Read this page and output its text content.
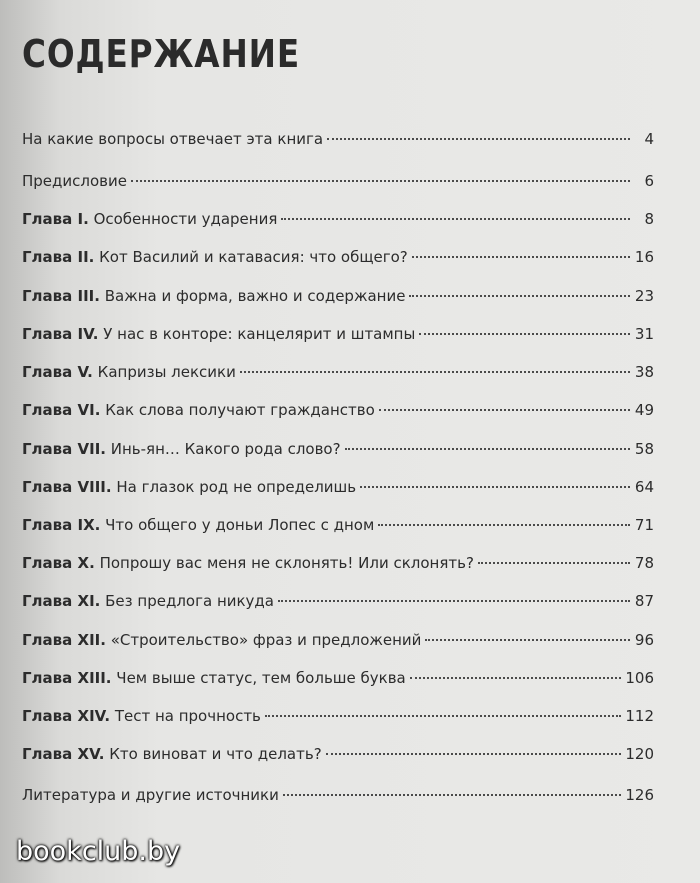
СОДЕРЖАНИЕ
На какие вопросы отвечает эта книга	4
Предисловие	6
Глава I. Особенности ударения	8
Глава II. Кот Василий и катавасия: что общего?	16
Глава III. Важна и форма, важно и содержание	23
Глава IV. У нас в конторе: канцелярит и штампы	31
Глава V. Капризы лексики	38
Глава VI. Как слова получают гражданство	49
Глава VII. Инь-ян… Какого рода слово?	58
Глава VIII. На глазок род не определишь	64
Глава IX. Что общего у доньи Лопес с дном	71
Глава X. Попрошу вас меня не склонять! Или склонять?	78
Глава XI. Без предлога никуда	87
Глава XII. «Строительство» фраз и предложений	96
Глава XIII. Чем выше статус, тем больше буква	106
Глава XIV. Тест на прочность	112
Глава XV. Кто виноват и что делать?	120
Литература и другие источники	126
bookclub.by
